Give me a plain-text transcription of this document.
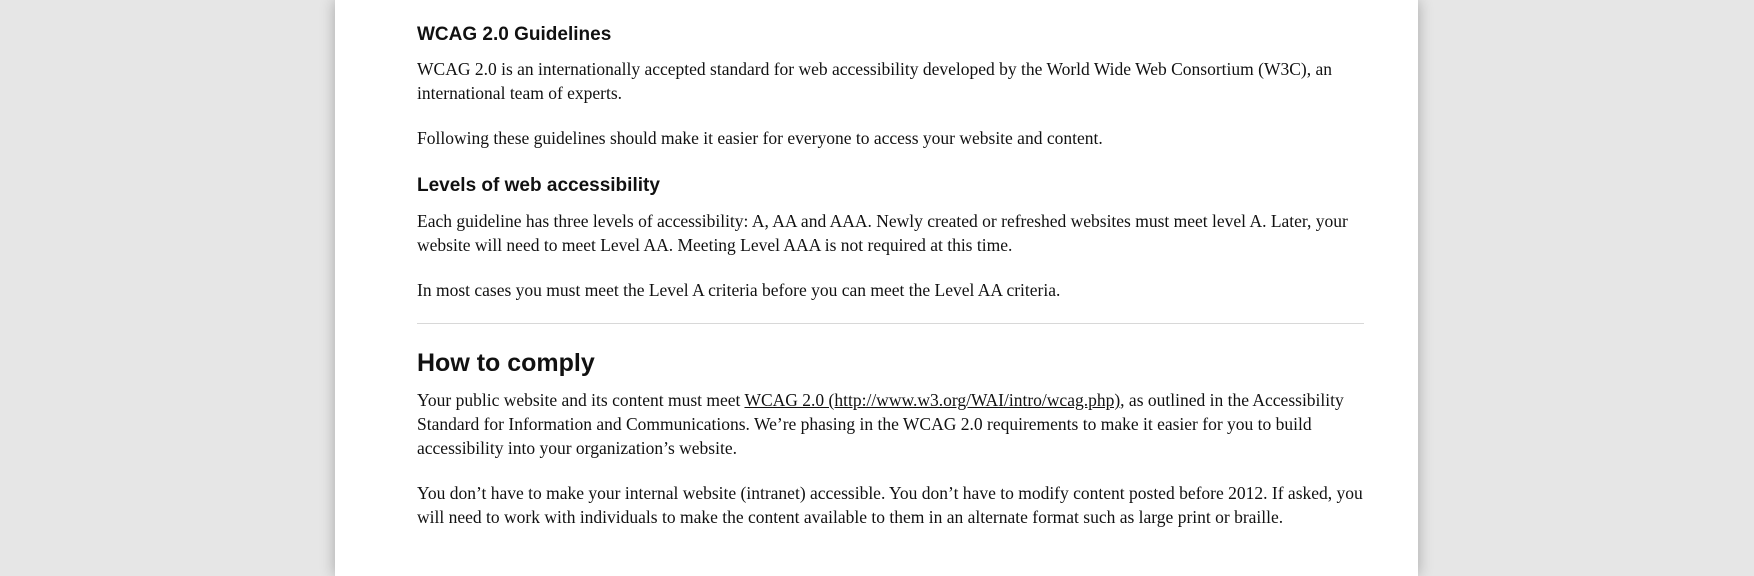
WCAG 2.0 Guidelines

WCAG 2.0 is an internationally accepted standard for web accessibility developed by the World Wide Web Consortium (W3C), an international team of experts.

Following these guidelines should make it easier for everyone to access your website and content.

Levels of web accessibility

Each guideline has three levels of accessibility: A, AA and AAA. Newly created or refreshed websites must meet level A. Later, your website will need to meet Level AA. Meeting Level AAA is not required at this time.

In most cases you must meet the Level A criteria before you can meet the Level AA criteria.

How to comply

Your public website and its content must meet WCAG 2.0 (http://www.w3.org/WAI/intro/wcag.php), as outlined in the Accessibility Standard for Information and Communications. We’re phasing in the WCAG 2.0 requirements to make it easier for you to build accessibility into your organization’s website.

You don’t have to make your internal website (intranet) accessible. You don’t have to modify content posted before 2012. If asked, you will need to work with individuals to make the content available to them in an alternate format such as large print or braille.
